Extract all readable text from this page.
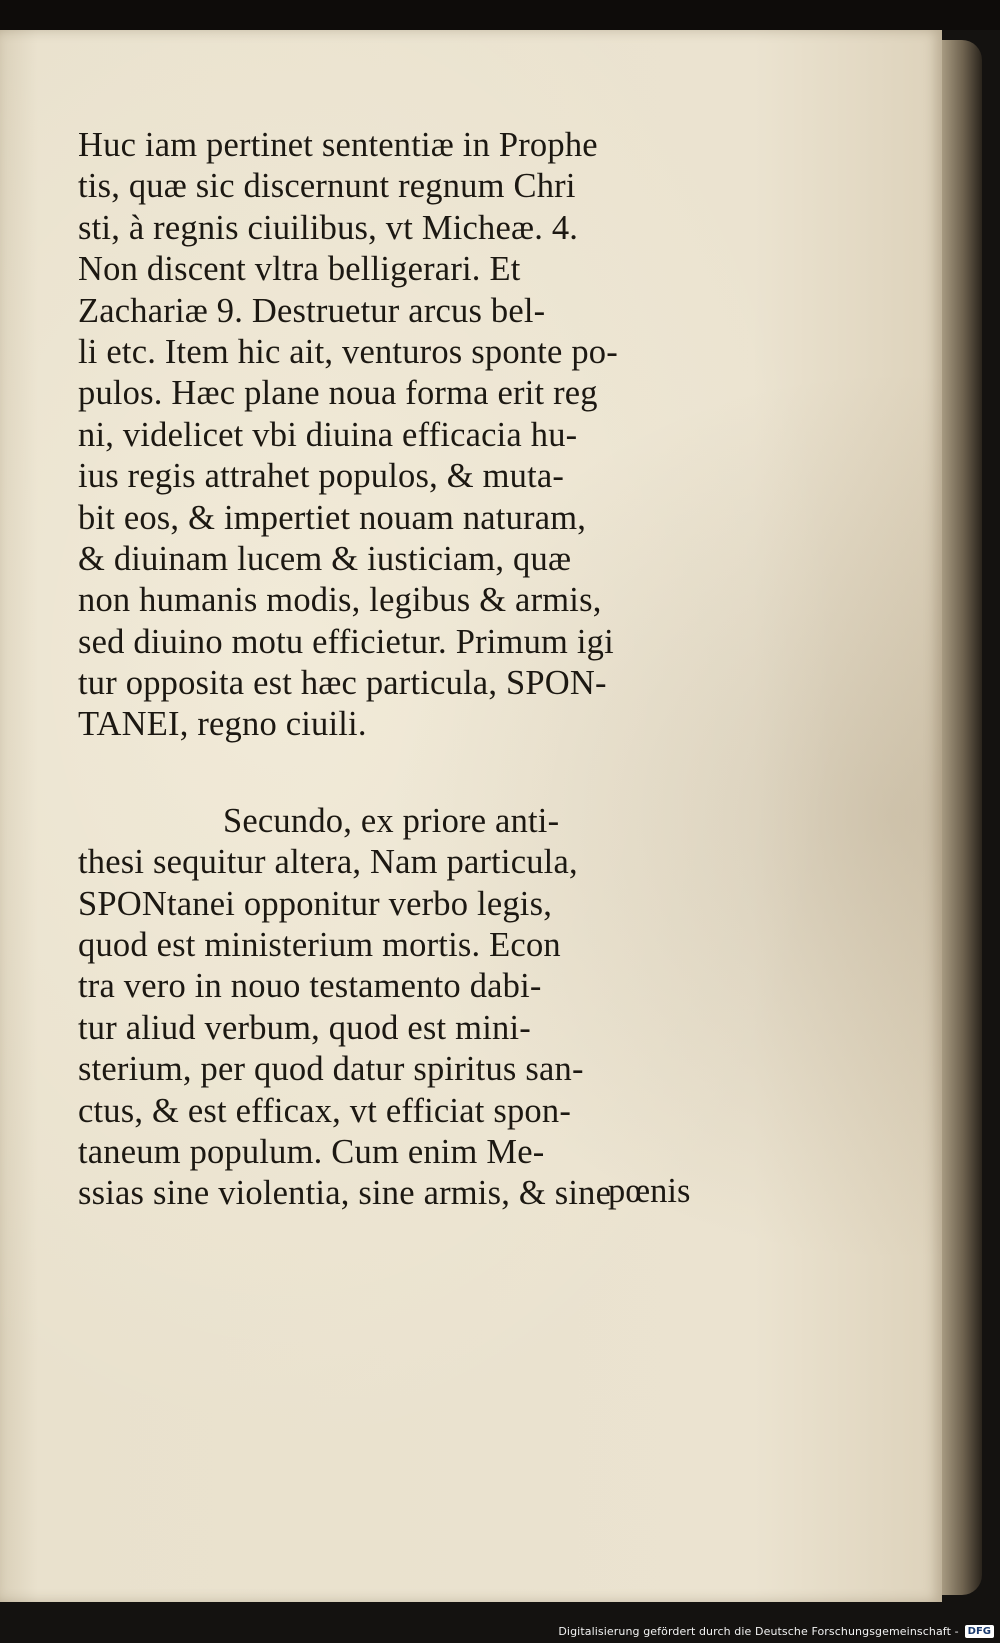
Huc iam pertinet sententiæ in Prophe
tis, quæ sic discernunt regnum Chri
sti, à regnis ciuilibus, vt Micheæ. 4.
Non discent vltra belligerari. Et
Zachariæ 9. Destruetur arcus bel-
li etc. Item hic ait, venturos sponte po-
pulos. Hæc plane noua forma erit reg
ni, videlicet vbi diuina efficacia hu-
ius regis attrahet populos, & muta-
bit eos, & impertiet nouam naturam,
& diuinam lucem & iusticiam, quæ
non humanis modis, legibus & armis,
sed diuino motu efficietur. Primum igi
tur opposita est hæc particula, SPON-
TANEI, regno ciuili.
Secundo, ex priore anti-
thesi sequitur altera, Nam particula,
SPONtanei opponitur verbo legis,
quod est ministerium mortis. Econ
tra vero in nouo testamento dabi-
tur aliud verbum, quod est mini-
sterium, per quod datur spiritus san-
ctus, & est efficax, vt efficiat spon-
taneum populum. Cum enim Me-
ssias sine violentia, sine armis, & sine
pœnis
Digitalisierung gefördert durch die Deutsche Forschungsgemeinschaft - DFG
